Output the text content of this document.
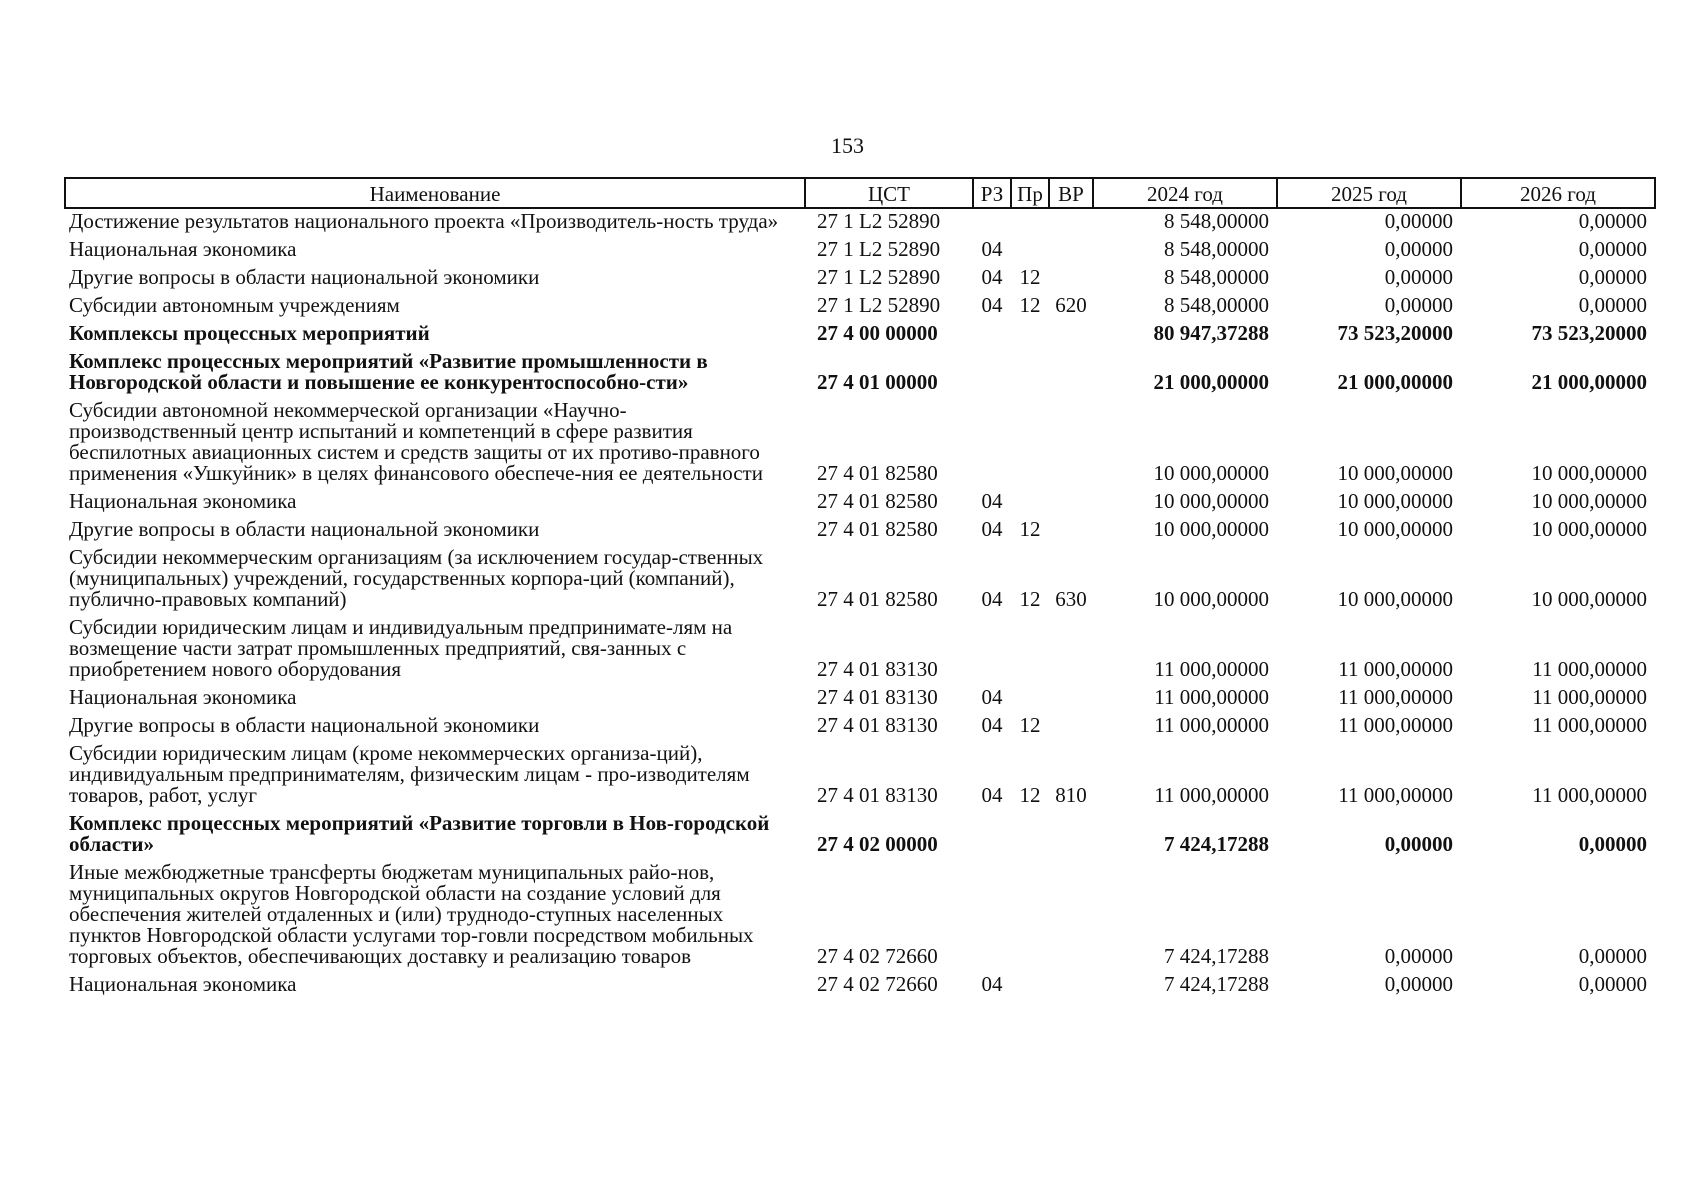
153
Наименование	ЦСТ	РЗ	Пр	ВР	2024 год	2025 год	2026 год
Достижение результатов национального проекта «Производитель-ность труда»	27 1 L2 52890				8 548,00000	0,00000	0,00000
Национальная экономика	27 1 L2 52890	04			8 548,00000	0,00000	0,00000
Другие вопросы в области национальной экономики	27 1 L2 52890	04	12		8 548,00000	0,00000	0,00000
Субсидии автономным учреждениям	27 1 L2 52890	04	12	620	8 548,00000	0,00000	0,00000
Комплексы процессных мероприятий	27 4 00 00000				80 947,37288	73 523,20000	73 523,20000
Комплекс процессных мероприятий «Развитие промышленности в Новгородской области и повышение ее конкурентоспособно-сти»	27 4 01 00000				21 000,00000	21 000,00000	21 000,00000
Субсидии автономной некоммерческой организации «Научно-производственный центр испытаний и компетенций в сфере развития беспилотных авиационных систем и средств защиты от их противо-правного применения «Ушкуйник» в целях финансового обеспече-ния ее деятельности	27 4 01 82580				10 000,00000	10 000,00000	10 000,00000
Национальная экономика	27 4 01 82580	04			10 000,00000	10 000,00000	10 000,00000
Другие вопросы в области национальной экономики	27 4 01 82580	04	12		10 000,00000	10 000,00000	10 000,00000
Субсидии некоммерческим организациям (за исключением государ-ственных (муниципальных) учреждений, государственных корпора-ций (компаний), публично-правовых компаний)	27 4 01 82580	04	12	630	10 000,00000	10 000,00000	10 000,00000
Субсидии юридическим лицам и индивидуальным предпринимате-лям на возмещение части затрат промышленных предприятий, свя-занных с приобретением нового оборудования	27 4 01 83130				11 000,00000	11 000,00000	11 000,00000
Национальная экономика	27 4 01 83130	04			11 000,00000	11 000,00000	11 000,00000
Другие вопросы в области национальной экономики	27 4 01 83130	04	12		11 000,00000	11 000,00000	11 000,00000
Субсидии юридическим лицам (кроме некоммерческих организа-ций), индивидуальным предпринимателям, физическим лицам - про-изводителям товаров, работ, услуг	27 4 01 83130	04	12	810	11 000,00000	11 000,00000	11 000,00000
Комплекс процессных мероприятий «Развитие торговли в Нов-городской области»	27 4 02 00000				7 424,17288	0,00000	0,00000
Иные межбюджетные трансферты бюджетам муниципальных райо-нов, муниципальных округов Новгородской области на создание условий для обеспечения жителей отдаленных и (или) труднодо-ступных населенных пунктов Новгородской области услугами тор-говли посредством мобильных торговых объектов, обеспечивающих доставку и реализацию товаров	27 4 02 72660				7 424,17288	0,00000	0,00000
Национальная экономика	27 4 02 72660	04			7 424,17288	0,00000	0,00000
